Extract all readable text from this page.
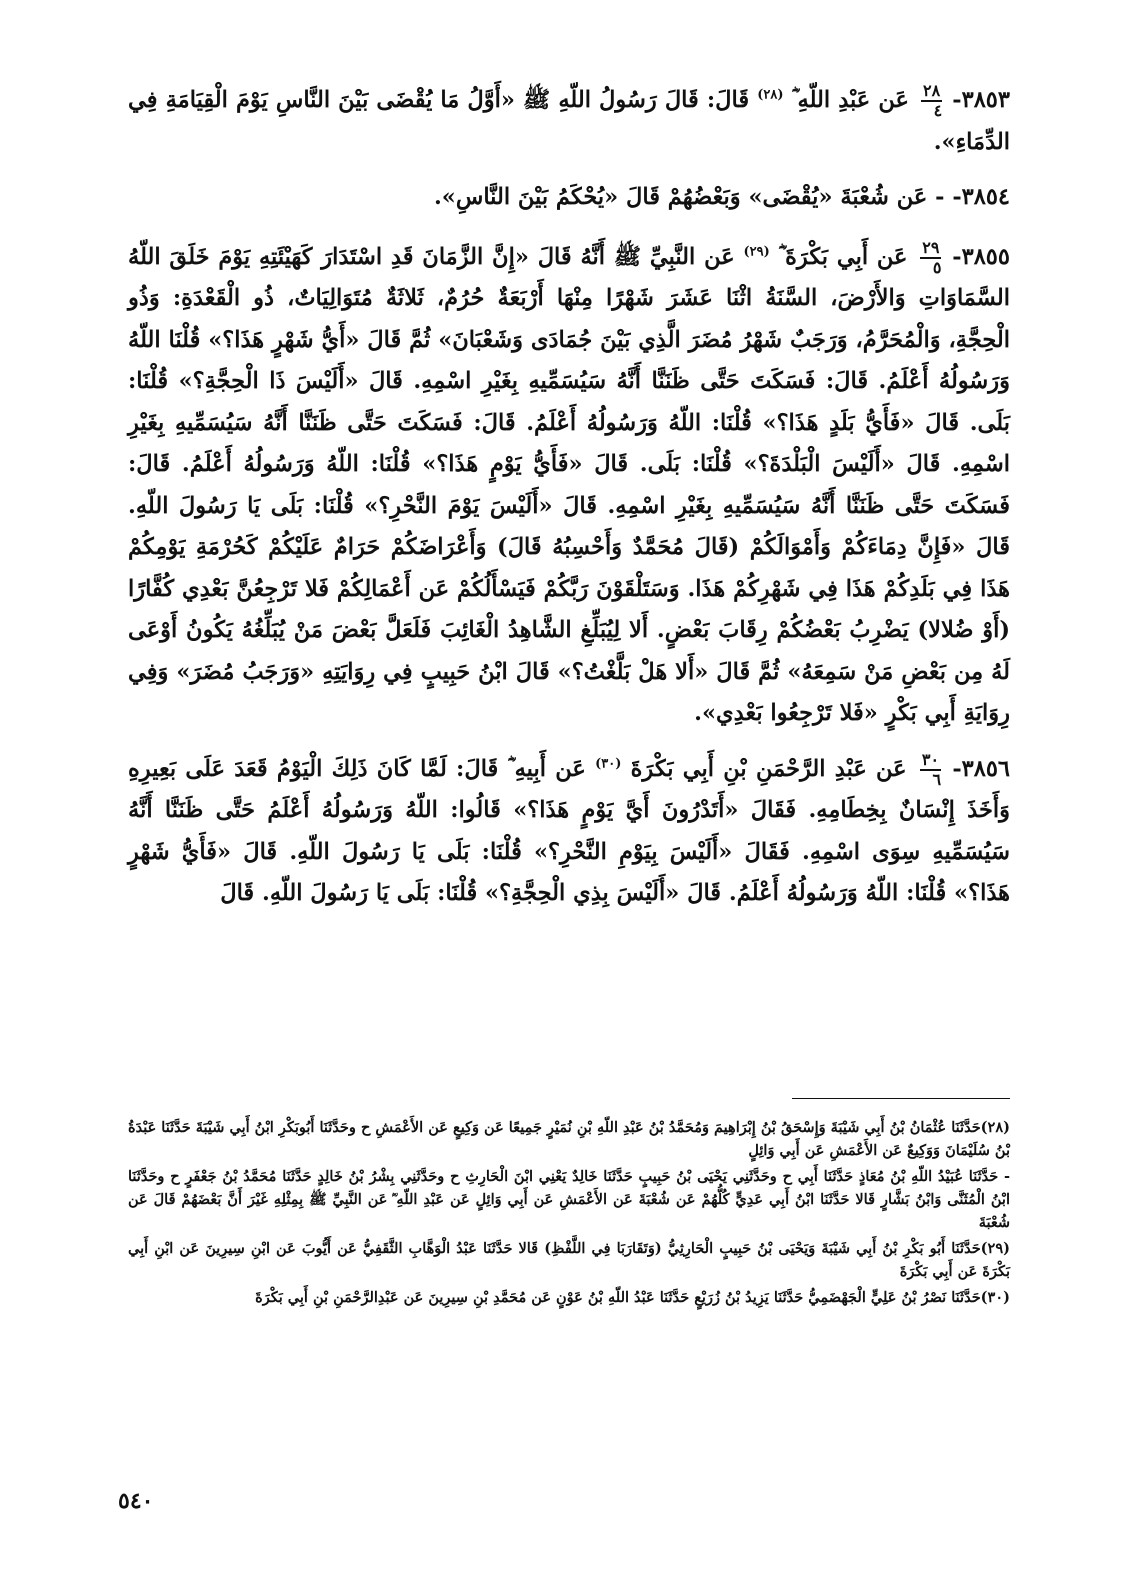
٣٨٥٣-
$\frac{٢٨}{٤}$
عَن عَبْدِ اللّهِ $^{(٢٨)}$ قَالَ: قَالَ رَسُولُ اللّهِ ﷺ «أَوَّلُ مَا يُقْضَى بَيْنَ النَّاسِ يَوْمَ الْقِيَامَةِ فِي الدِّمَاءِ».

٣٨٥٤- - عَن شُعْبَةَ «يُقْضَى» وَبَعْضُهُمْ قَالَ «يُحْكَمُ بَيْنَ النَّاسِ».

٣٨٥٥-
$\frac{٢٩}{٥}$
عَن أَبِي بَكْرَةَ $^{(٢٩)}$ عَن النَّبِيِّ ﷺ أَنَّهُ قَالَ «إِنَّ الزَّمَانَ قَدِ اسْتَدَارَ كَهَيْئَتِهِ يَوْمَ خَلَقَ اللّهُ السَّمَاوَاتِ وَالأَرْضَ، السَّنَةُ اثْنَا عَشَرَ شَهْرًا مِنْهَا أَرْبَعَةٌ حُرُمٌ، ثَلاثَةٌ مُتَوَالِيَاتٌ، ذُو الْقَعْدَةِ: وَذُو الْحِجَّةِ، وَالْمُحَرَّمُ، وَرَجَبٌ شَهْرُ مُضَرَ الَّذِي بَيْنَ جُمَادَى وَشَعْبَانَ» ثُمَّ قَالَ «أَيُّ شَهْرٍ هَذَا؟» قُلْنَا اللّهُ وَرَسُولُهُ أَعْلَمُ. قَالَ: فَسَكَتَ حَتَّى ظَنَنَّا أَنَّهُ سَيُسَمِّيهِ بِغَيْرِ اسْمِهِ. قَالَ «أَلَيْسَ ذَا الْحِجَّةِ؟» قُلْنَا: بَلَى. قَالَ «فَأَيُّ بَلَدٍ هَذَا؟» قُلْنَا: اللّهُ وَرَسُولُهُ أَعْلَمُ. قَالَ: فَسَكَتَ حَتَّى ظَنَنَّا أَنَّهُ سَيُسَمِّيهِ بِغَيْرِ اسْمِهِ. قَالَ «أَلَيْسَ الْبَلْدَةَ؟» قُلْنَا: بَلَى. قَالَ «فَأَيُّ يَوْمٍ هَذَا؟» قُلْنَا: اللّهُ وَرَسُولُهُ أَعْلَمُ. قَالَ: فَسَكَتَ حَتَّى ظَنَنَّا أَنَّهُ سَيُسَمِّيهِ بِغَيْرِ اسْمِهِ. قَالَ «أَلَيْسَ يَوْمَ النَّحْرِ؟» قُلْنَا: بَلَى يَا رَسُولَ اللّهِ. قَالَ «فَإِنَّ دِمَاءَكُمْ وَأَمْوَالَكُمْ (قَالَ مُحَمَّدٌ وَأَحْسِبُهُ قَالَ) وَأَعْرَاضَكُمْ حَرَامٌ عَلَيْكُمْ كَحُرْمَةِ يَوْمِكُمْ هَذَا فِي بَلَدِكُمْ هَذَا فِي شَهْرِكُمْ هَذَا. وَسَتَلْقَوْنَ رَبَّكُمْ فَيَسْأَلُكُمْ عَن أَعْمَالِكُمْ فَلا تَرْجِعُنَّ بَعْدِي كُفَّارًا (أَوْ ضُلالا) يَضْرِبُ بَعْضُكُمْ رِقَابَ بَعْضٍ. أَلا لِيُبَلِّغِ الشَّاهِدُ الْغَائِبَ فَلَعَلَّ بَعْضَ مَنْ يُبَلِّغُهُ يَكُونُ أَوْعَى لَهُ مِن بَعْضِ مَنْ سَمِعَهُ» ثُمَّ قَالَ «أَلا هَلْ بَلَّغْتُ؟» قَالَ ابْنُ حَبِيبٍ فِي رِوَايَتِهِ «وَرَجَبُ مُضَرَ» وَفِي رِوَايَةِ أَبِي بَكْرٍ «فَلا تَرْجِعُوا بَعْدِي».

٣٨٥٦-
$\frac{٣٠}{٦}$
عَن عَبْدِ الرَّحْمَنِ بْنِ أَبِي بَكْرَةَ $^{(٣٠)}$ عَن أَبِيهِ ؓ قَالَ: لَمَّا كَانَ ذَلِكَ الْيَوْمُ قَعَدَ عَلَى بَعِيرِهِ وَأَخَذَ إِنْسَانٌ بِخِطَامِهِ. فَقَالَ «أَتَدْرُونَ أَيَّ يَوْمٍ هَذَا؟» قَالُوا: اللّهُ وَرَسُولُهُ أَعْلَمُ حَتَّى ظَنَنَّا أَنَّهُ سَيُسَمِّيهِ سِوَى اسْمِهِ. فَقَالَ «أَلَيْسَ بِيَوْمِ النَّحْرِ؟» قُلْنَا: بَلَى يَا رَسُولَ اللّهِ. قَالَ «فَأَيُّ شَهْرٍ هَذَا؟» قُلْنَا: اللّهُ وَرَسُولُهُ أَعْلَمُ. قَالَ «أَلَيْسَ بِذِي الْحِجَّةِ؟» قُلْنَا: بَلَى يَا رَسُولَ اللّهِ. قَالَ

(٢٨)حَدَّثَنَا عُثْمَانُ بْنُ أَبِي شَيْبَةَ وَإِسْحَقُ بْنُ إِبْرَاهِيمَ وَمُحَمَّدُ بْنُ عَبْدِ اللّهِ بْنِ نُمَيْرٍ جَمِيعًا عَن وَكِيعٍ عَن الأَعْمَشِ ح وحَدَّثَنَا أَبُوبَكْرِ ابْنُ أَبِي شَيْبَةَ حَدَّثَنَا عَبْدَةُ بْنُ سُلَيْمَانَ وَوَكِيعٌ عَن الأَعْمَشِ عَن أَبِي وَائِلٍ

- حَدَّثَنَا عُبَيْدُ اللّهِ بْنُ مُعَاذٍ حَدَّثَنَا أَبِي ح وحَدَّثَنِي يَحْيَى بْنُ حَبِيبٍ حَدَّثَنَا خَالِدٌ يَعْنِي ابْنَ الْحَارِثِ ح وحَدَّثَنِي بِشْرُ بْنُ خَالِدٍ حَدَّثَنَا مُحَمَّدُ بْنُ جَعْفَرٍ ح وحَدَّثَنَا ابْنُ الْمُثَنَّى وَابْنُ بَشَّارٍ قَالا حَدَّثَنَا ابْنُ أَبِي عَدِيٍّ كُلُّهُمْ عَن شُعْبَةَ عَن الأَعْمَشِ عَن أَبِي وَائِلٍ عَن عَبْدِ اللّهِ ؓ عَن النَّبِيِّ ﷺ بِمِثْلِهِ غَيْرَ أَنَّ بَعْضَهُمْ قَالَ عَن شُعْبَةَ

(٢٩)حَدَّثَنَا أَبُو بَكْرِ بْنُ أَبِي شَيْبَةَ وَيَحْيَى بْنُ حَبِيبٍ الْحَارِثِيُّ (وَتَقَارَبَا فِي اللَّفْظِ) قَالا حَدَّثَنَا عَبْدُ الْوَهَّابِ الثَّقَفِيُّ عَن أَيُّوبَ عَن ابْنِ سِيرِينَ عَن ابْنِ أَبِي بَكْرَةَ عَن أَبِي بَكْرَةَ

(٣٠)حَدَّثَنَا نَصْرُ بْنُ عَلِيٍّ الْجَهْضَمِيُّ حَدَّثَنَا يَزِيدُ بْنُ زُرَيْعٍ حَدَّثَنَا عَبْدُ اللّهِ بْنُ عَوْنٍ عَن مُحَمَّدِ بْنِ سِيرِينَ عَن عَبْدِالرَّحْمَنِ بْنِ أَبِي بَكْرَةَ

٥٤٠
